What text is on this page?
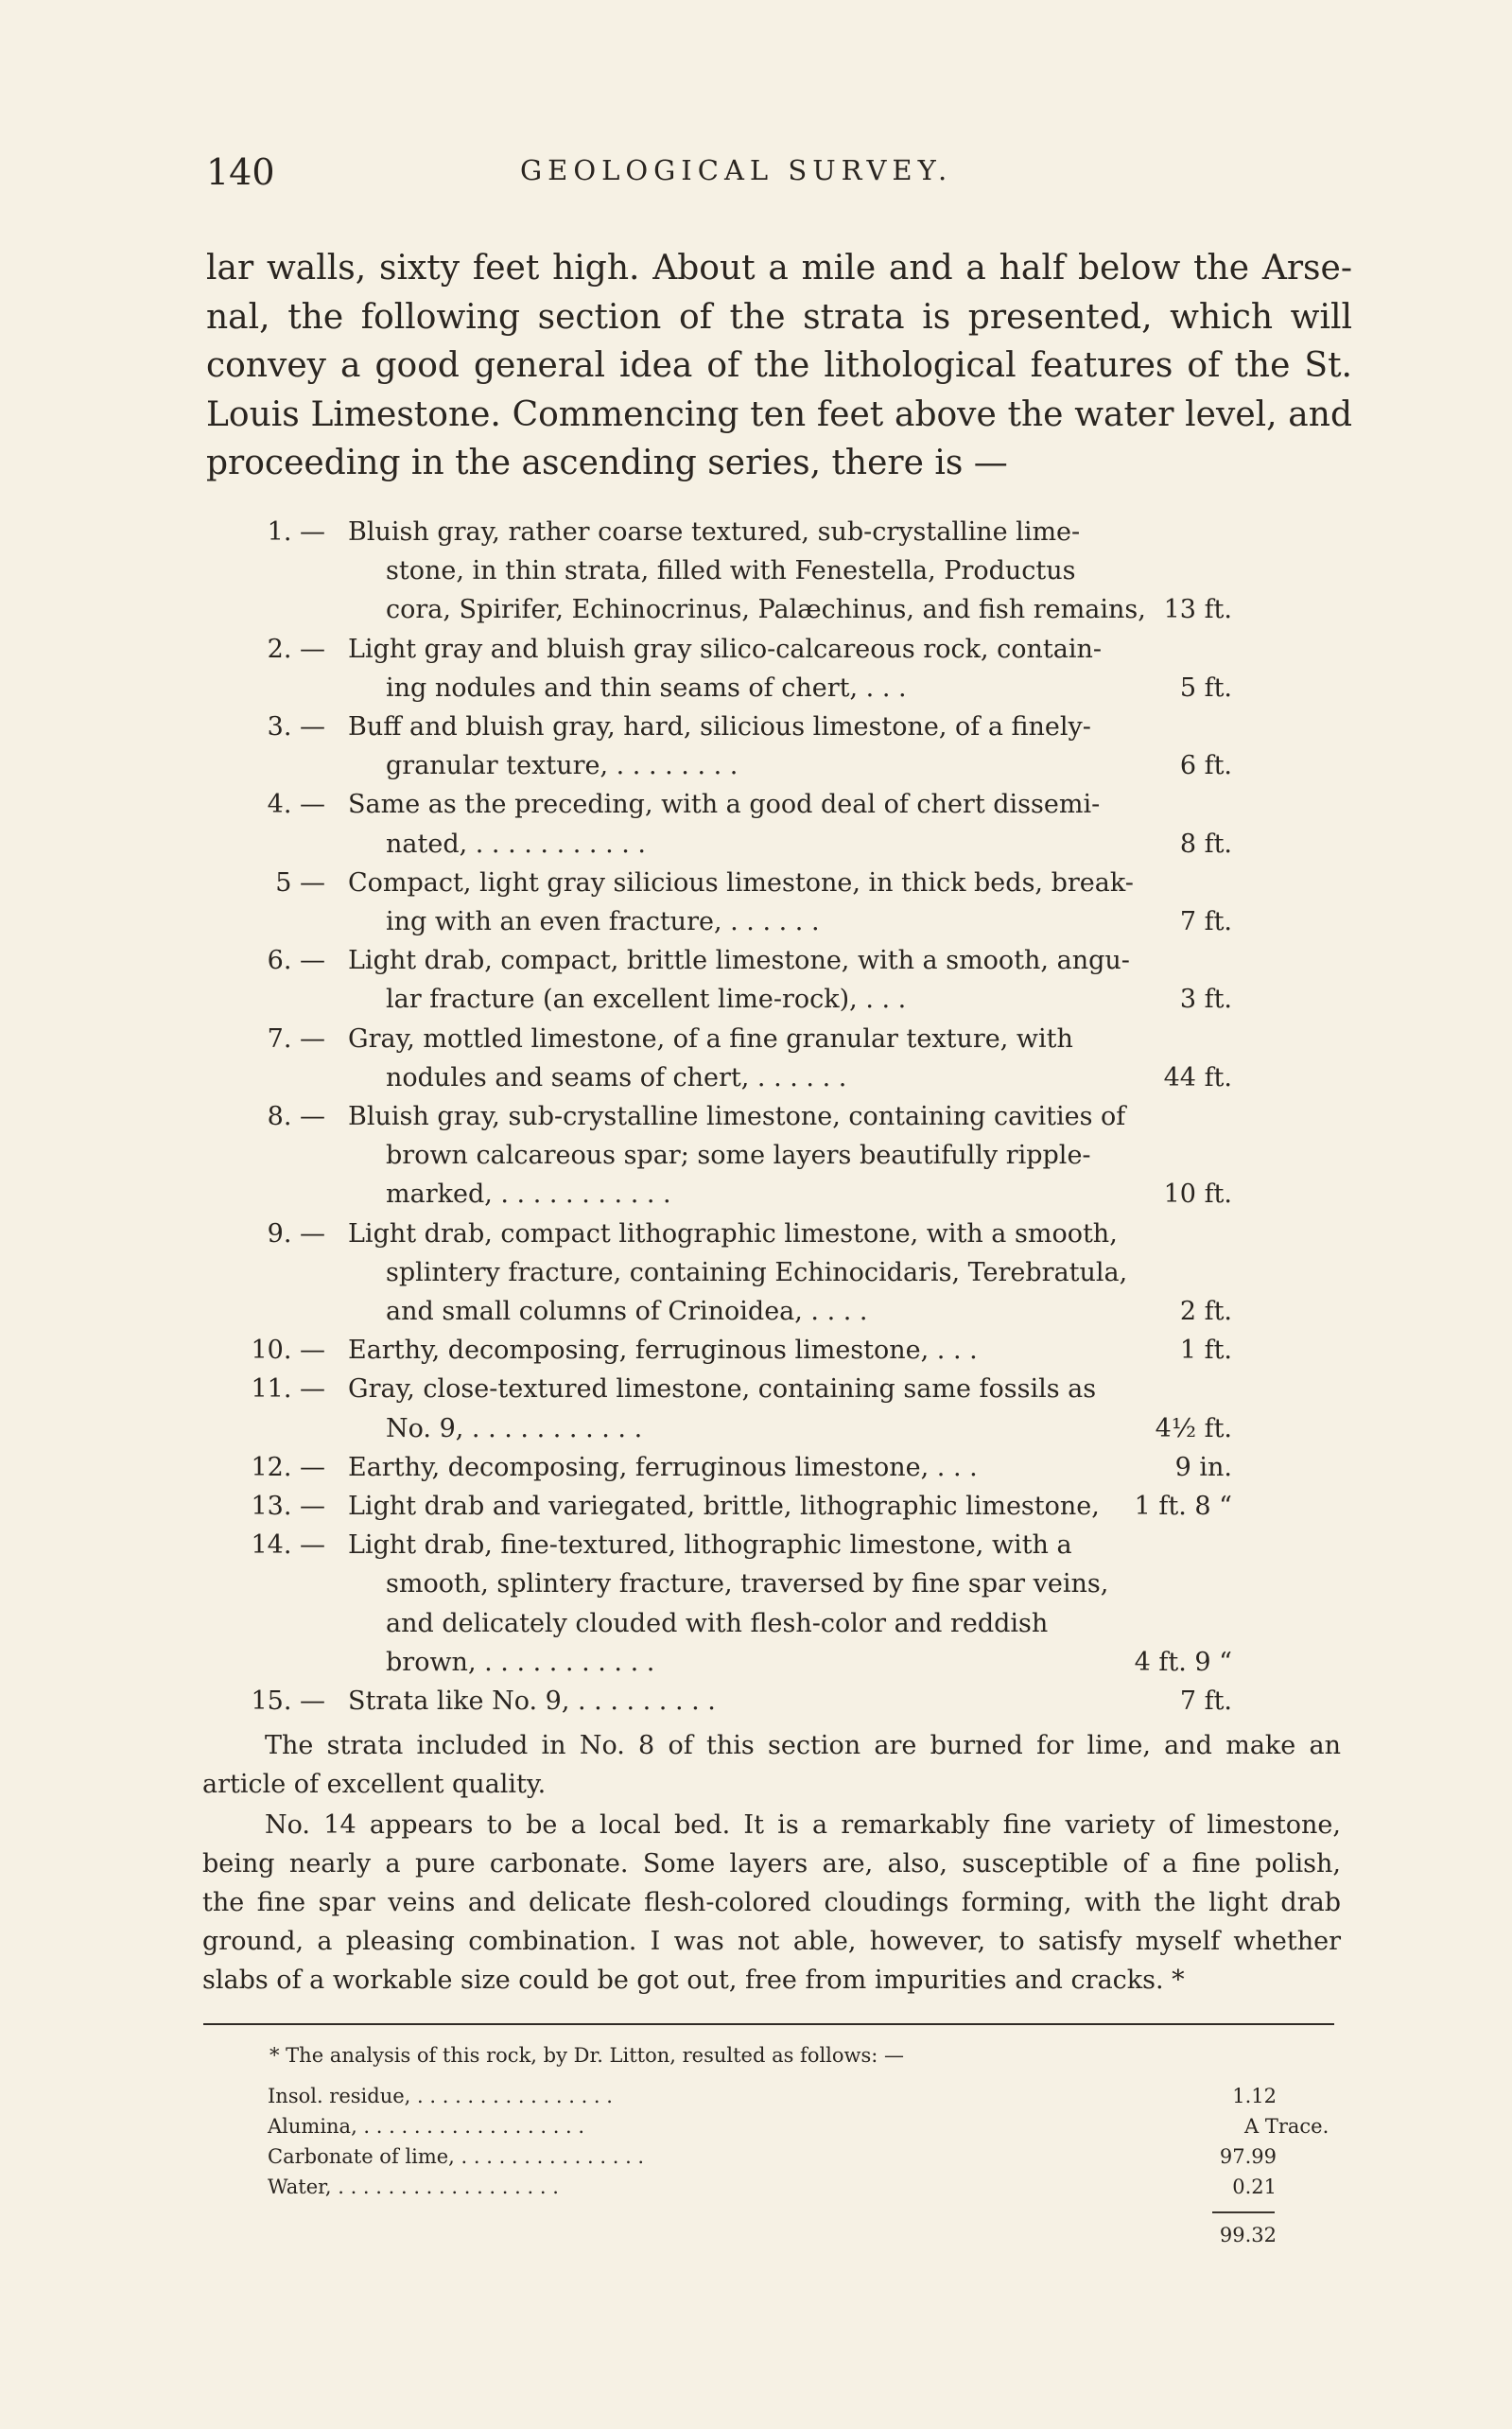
140	GEOLOGICAL SURVEY.
lar walls, sixty feet high. About a mile and a half below the Arse-
nal, the following section of the strata is presented, which will
convey a good general idea of the lithological features of the St.
Louis Limestone. Commencing ten feet above the water level, and
proceeding in the ascending series, there is —
1. — Bluish gray, rather coarse textured, sub-crystalline lime-
stone, in thin strata, filled with Fenestella, Productus
cora, Spirifer, Echinocrinus, Palæchinus, and fish remains, 13 ft.
2. — Light gray and bluish gray silico-calcareous rock, contain-
ing nodules and thin seams of chert, . . .	5 ft.
3. — Buff and bluish gray, hard, silicious limestone, of a finely-
granular texture, . . . . . . . .	6 ft.
4. — Same as the preceding, with a good deal of chert dissemi-
nated, . . . . . . . . . . .	8 ft.
5 — Compact, light gray silicious limestone, in thick beds, break-
ing with an even fracture, . . . . . .	7 ft.
6. — Light drab, compact, brittle limestone, with a smooth, angu-
lar fracture (an excellent lime-rock), . . .	3 ft.
7. — Gray, mottled limestone, of a fine granular texture, with
nodules and seams of chert, . . . . . .	44 ft.
8. — Bluish gray, sub-crystalline limestone, containing cavities of
brown calcareous spar; some layers beautifully ripple-
marked, . . . . . . . . . . .	10 ft.
9. — Light drab, compact lithographic limestone, with a smooth,
splintery fracture, containing Echinocidaris, Terebratula,
and small columns of Crinoidea, . . . .	2 ft.
10. — Earthy, decomposing, ferruginous limestone, . . .	1 ft.
11. — Gray, close-textured limestone, containing same fossils as
No. 9, . . . . . . . . . . .	4½ ft.
12. — Earthy, decomposing, ferruginous limestone, . . .	9 in.
13. — Light drab and variegated, brittle, lithographic limestone,	1 ft. 8 “
14. — Light drab, fine-textured, lithographic limestone, with a
smooth, splintery fracture, traversed by fine spar veins,
and delicately clouded with flesh-color and reddish
brown, . . . . . . . . . . .	4 ft. 9 “
15. — Strata like No. 9, . . . . . . . . .	7 ft.
The strata included in No. 8 of this section are burned for lime, and make an
article of excellent quality.
No. 14 appears to be a local bed. It is a remarkably fine variety of limestone,
being nearly a pure carbonate. Some layers are, also, susceptible of a fine polish,
the fine spar veins and delicate flesh-colored cloudings forming, with the light drab
ground, a pleasing combination. I was not able, however, to satisfy myself whether
slabs of a workable size could be got out, free from impurities and cracks. *
* The analysis of this rock, by Dr. Litton, resulted as follows: —
Insol. residue, . . . . . . . . . . . . . . . .	1.12
Alumina, . . . . . . . . . . . . . . . . . .	A Trace.
Carbonate of lime, . . . . . . . . . . . . . . .	97.99
Water, . . . . . . . . . . . . . . . . . .	0.21
99.32
